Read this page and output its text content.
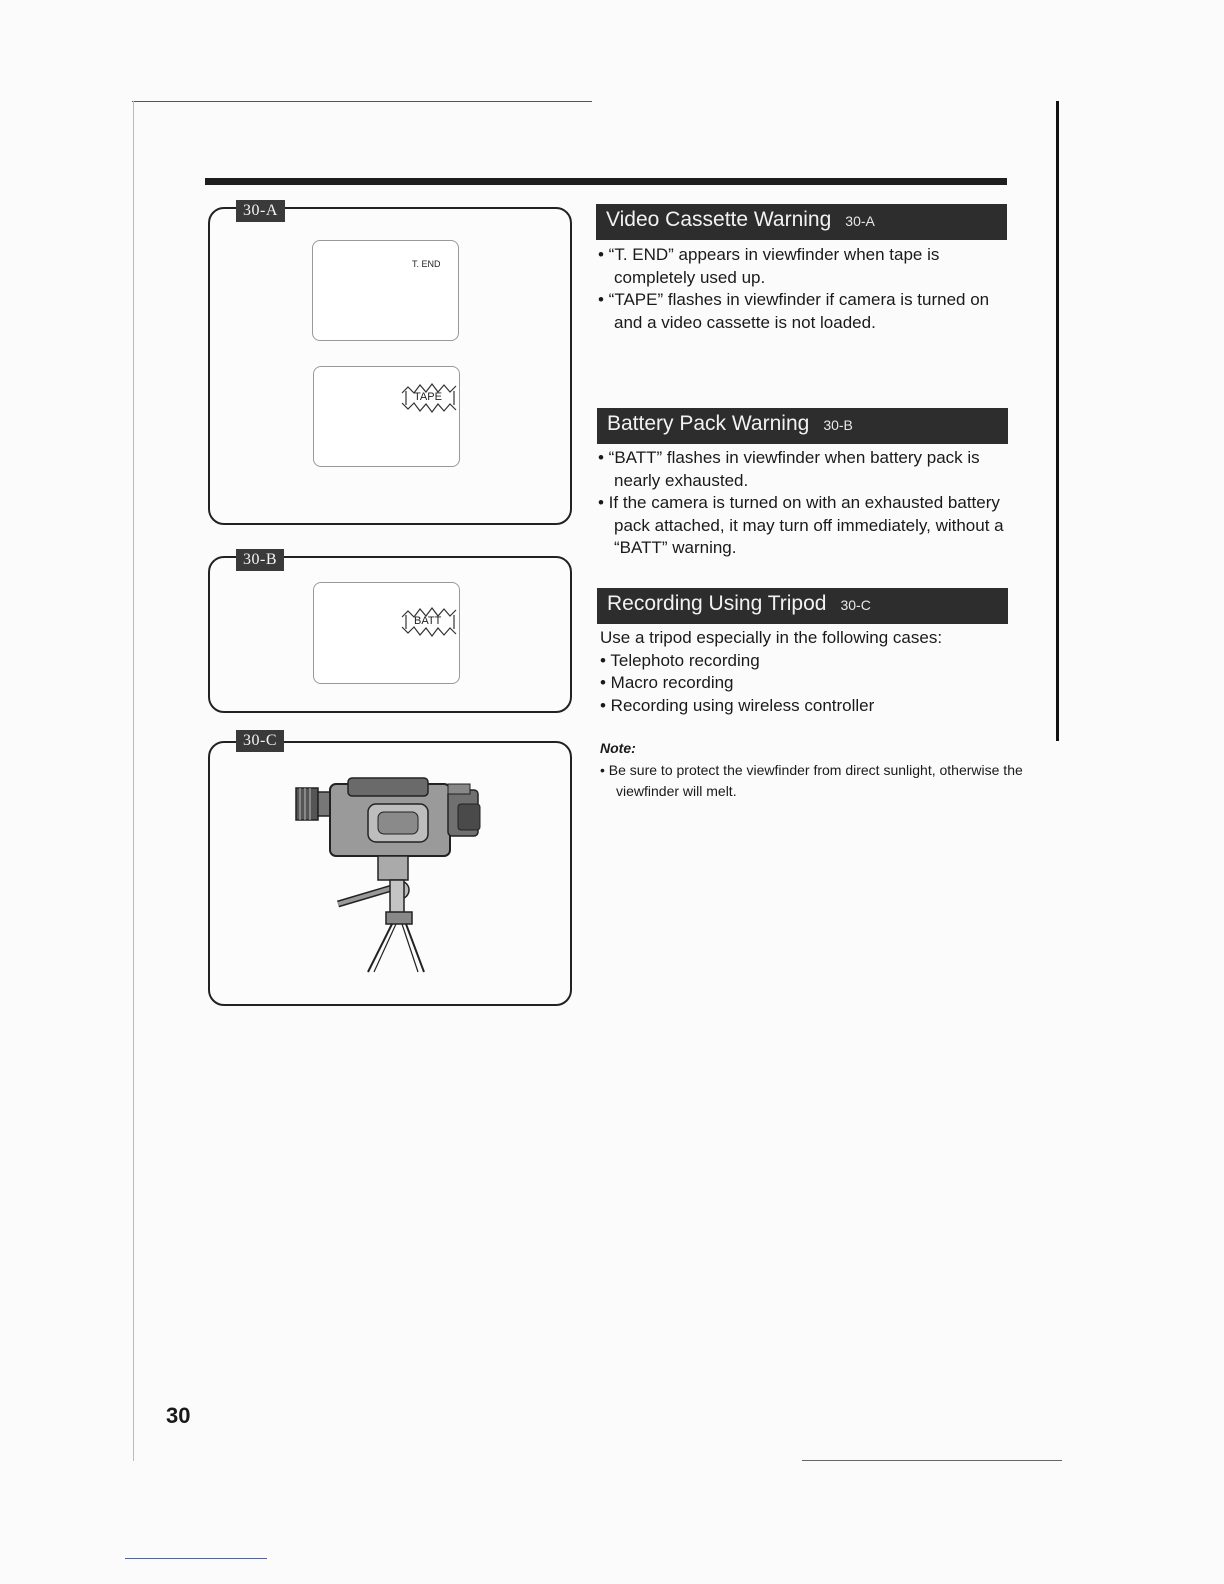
30-A
T. END
TAPE
30-B
BATT
30-C
Video Cassette Warning 30-A

• “T. END” appears in viewfinder when tape is completely used up.

• “TAPE” flashes in viewfinder if camera is turned on and a video cassette is not loaded.

Battery Pack Warning 30-B

• “BATT” flashes in viewfinder when battery pack is nearly exhausted.

• If the camera is turned on with an exhausted battery pack attached, it may turn off immediately, without a “BATT” warning.

Recording Using Tripod 30-C

Use a tripod especially in the following cases:

• Telephoto recording

• Macro recording

• Recording using wireless controller

Note:
• Be sure to protect the viewfinder from direct sunlight, otherwise the viewfinder will melt.
30
